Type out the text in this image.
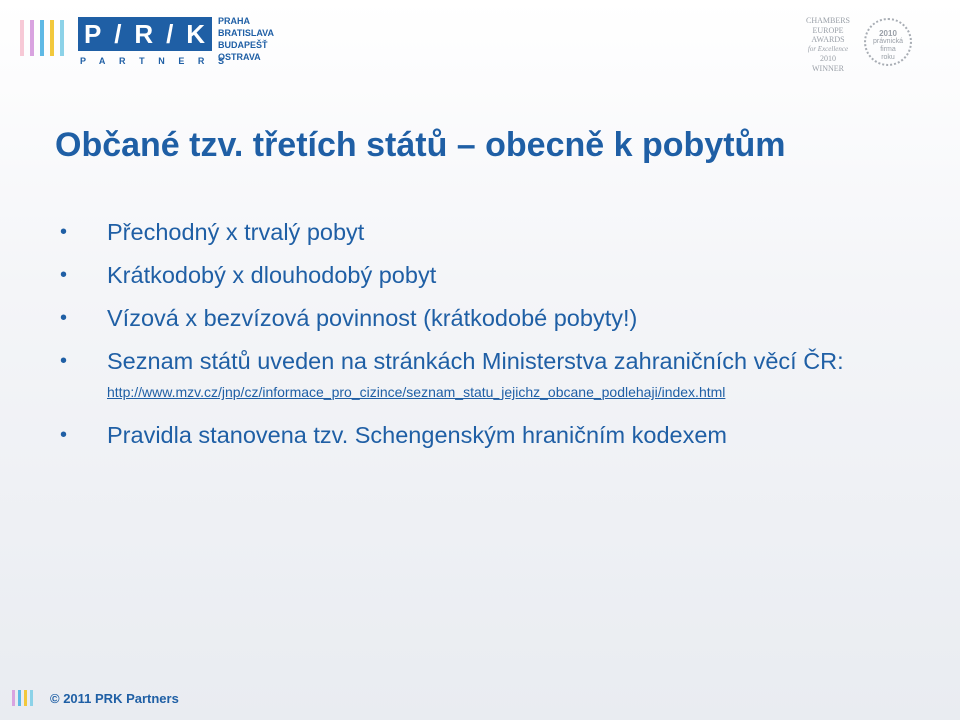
P / R / K
PARTNERS
PRAHA
BRATISLAVA
BUDAPEŠŤ
OSTRAVA
CHAMBERS
EUROPE
AWARDS
for Excellence
2010
WINNER
2010
právnická
firma
roku
Občané tzv. třetích států – obecně k pobytům
• Přechodný x trvalý pobyt
• Krátkodobý x dlouhodobý pobyt
• Vízová x bezvízová povinnost (krátkodobé pobyty!)
• Seznam států uveden na stránkách Ministerstva zahraničních věcí ČR: http://www.mzv.cz/jnp/cz/informace_pro_cizince/seznam_statu_jejichz_obcane_podlehaji/index.html
• Pravidla stanovena tzv. Schengenským hraničním kodexem
© 2011 PRK Partners
